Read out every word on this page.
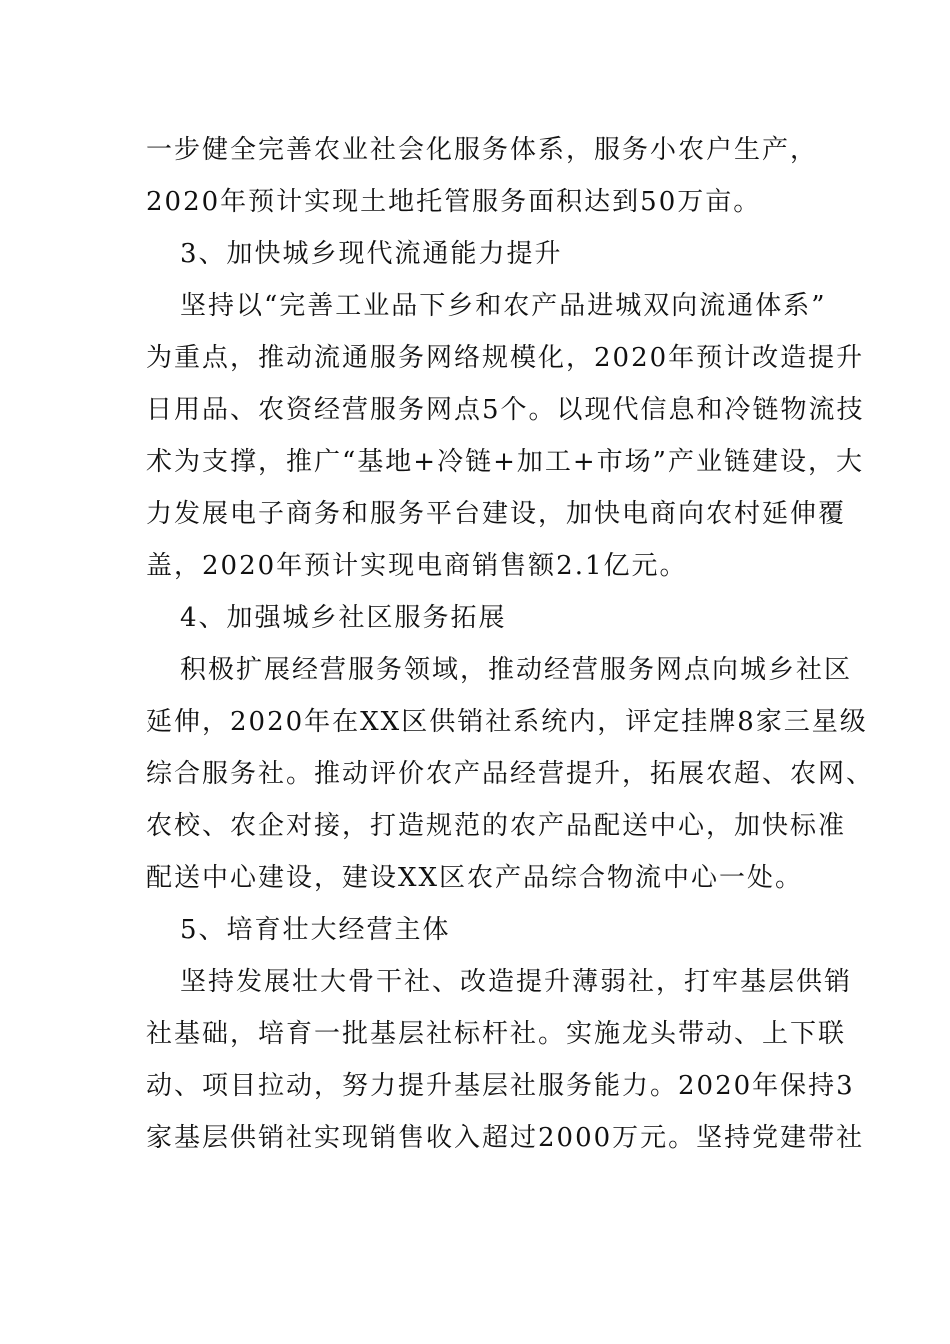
一步健全完善农业社会化服务体系，服务小农户生产，
2020年预计实现土地托管服务面积达到50万亩。
3、加快城乡现代流通能力提升
坚持以“完善工业品下乡和农产品进城双向流通体系”
为重点，推动流通服务网络规模化，2020年预计改造提升
日用品、农资经营服务网点5个。以现代信息和冷链物流技
术为支撑，推广“基地+冷链+加工+市场”产业链建设，大
力发展电子商务和服务平台建设，加快电商向农村延伸覆
盖，2020年预计实现电商销售额2.1亿元。
4、加强城乡社区服务拓展
积极扩展经营服务领域，推动经营服务网点向城乡社区
延伸，2020年在XX区供销社系统内，评定挂牌8家三星级
综合服务社。推动评价农产品经营提升，拓展农超、农网、
农校、农企对接，打造规范的农产品配送中心，加快标准
配送中心建设，建设XX区农产品综合物流中心一处。
5、培育壮大经营主体
坚持发展壮大骨干社、改造提升薄弱社，打牢基层供销
社基础，培育一批基层社标杆社。实施龙头带动、上下联
动、项目拉动，努力提升基层社服务能力。2020年保持3
家基层供销社实现销售收入超过2000万元。坚持党建带社
